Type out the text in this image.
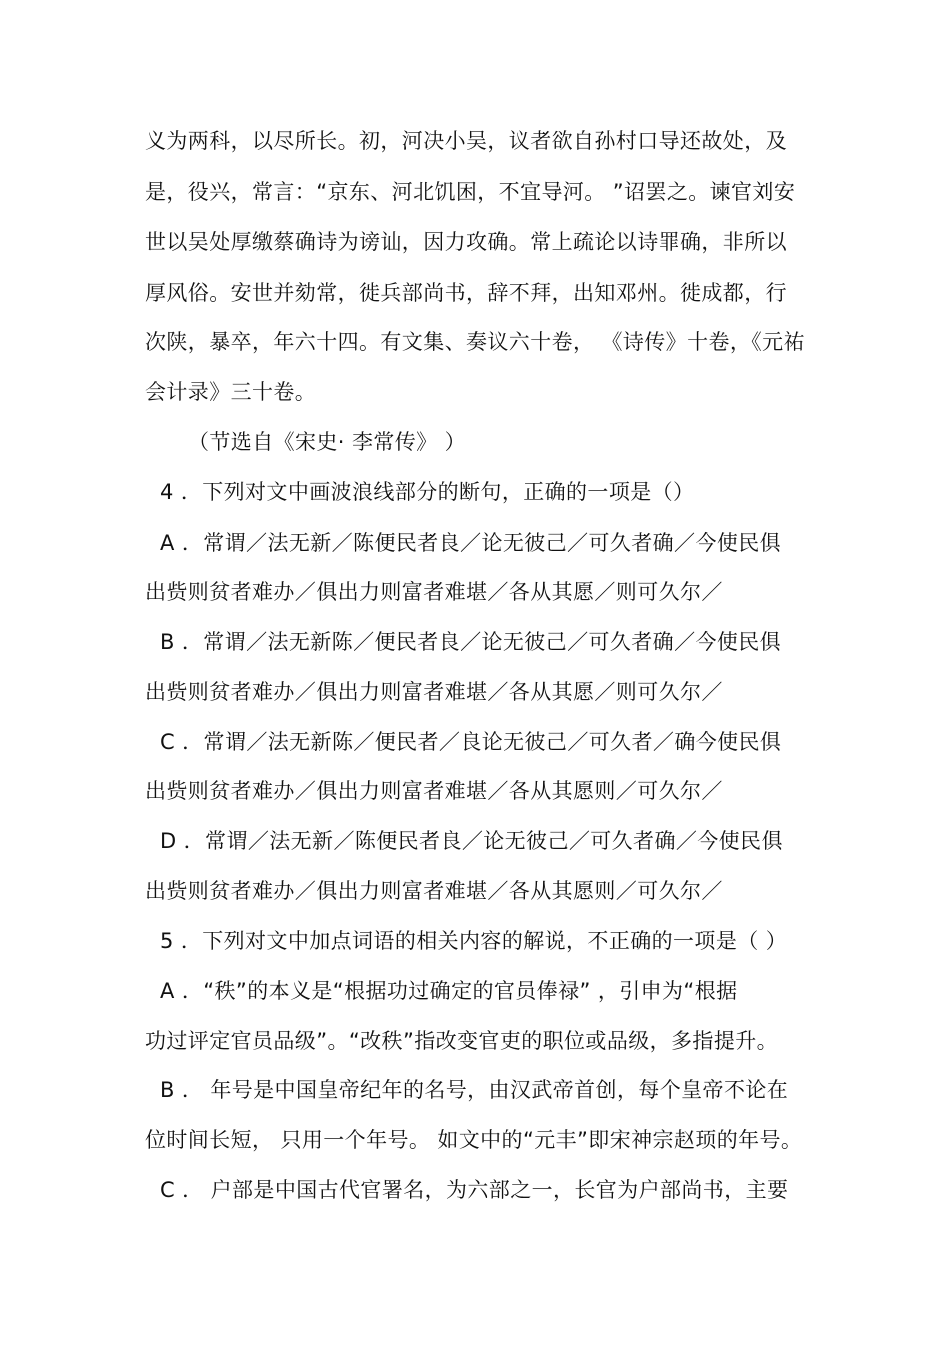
义为两科，以尽所长。初，河决小吴，议者欲自孙村口导还故处，及
是，役兴，常言：“京东、河北饥困，不宜导河。 ”诏罢之。谏官刘安
世以吴处厚缴蔡确诗为谤讪，因力攻确。常上疏论以诗罪确，非所以
厚风俗。安世并劾常，徙兵部尚书，辞不拜，出知邓州。徙成都，行
次陕，暴卒，年六十四。有文集、奏议六十卷， 《诗传》十卷，《元祐
会计录》三十卷。
（节选自《宋史· 李常传》 ）
4 ．下列对文中画波浪线部分的断句，正确的一项是（）
A ．常谓／法无新／陈便民者良／论无彼己／可久者确／今使民俱
出赀则贫者难办／俱出力则富者难堪／各从其愿／则可久尔／
B ．常谓／法无新陈／便民者良／论无彼己／可久者确／今使民俱
出赀则贫者难办／俱出力则富者难堪／各从其愿／则可久尔／
C ．常谓／法无新陈／便民者／良论无彼己／可久者／确今使民俱
出赀则贫者难办／俱出力则富者难堪／各从其愿则／可久尔／
D ．常谓／法无新／陈便民者良／论无彼己／可久者确／今使民俱
出赀则贫者难办／俱出力则富者难堪／各从其愿则／可久尔／
5 ．下列对文中加点词语的相关内容的解说，不正确的一项是（ ）
A ．“秩”的本义是“根据功过确定的官员俸禄” ，引申为“根据
功过评定官员品级”。“改秩”指改变官吏的职位或品级，多指提升。
B ． 年号是中国皇帝纪年的名号，由汉武帝首创，每个皇帝不论在
位时间长短， 只用一个年号。 如文中的“元丰”即宋神宗赵顼的年号。
C ． 户部是中国古代官署名，为六部之一，长官为户部尚书，主要
